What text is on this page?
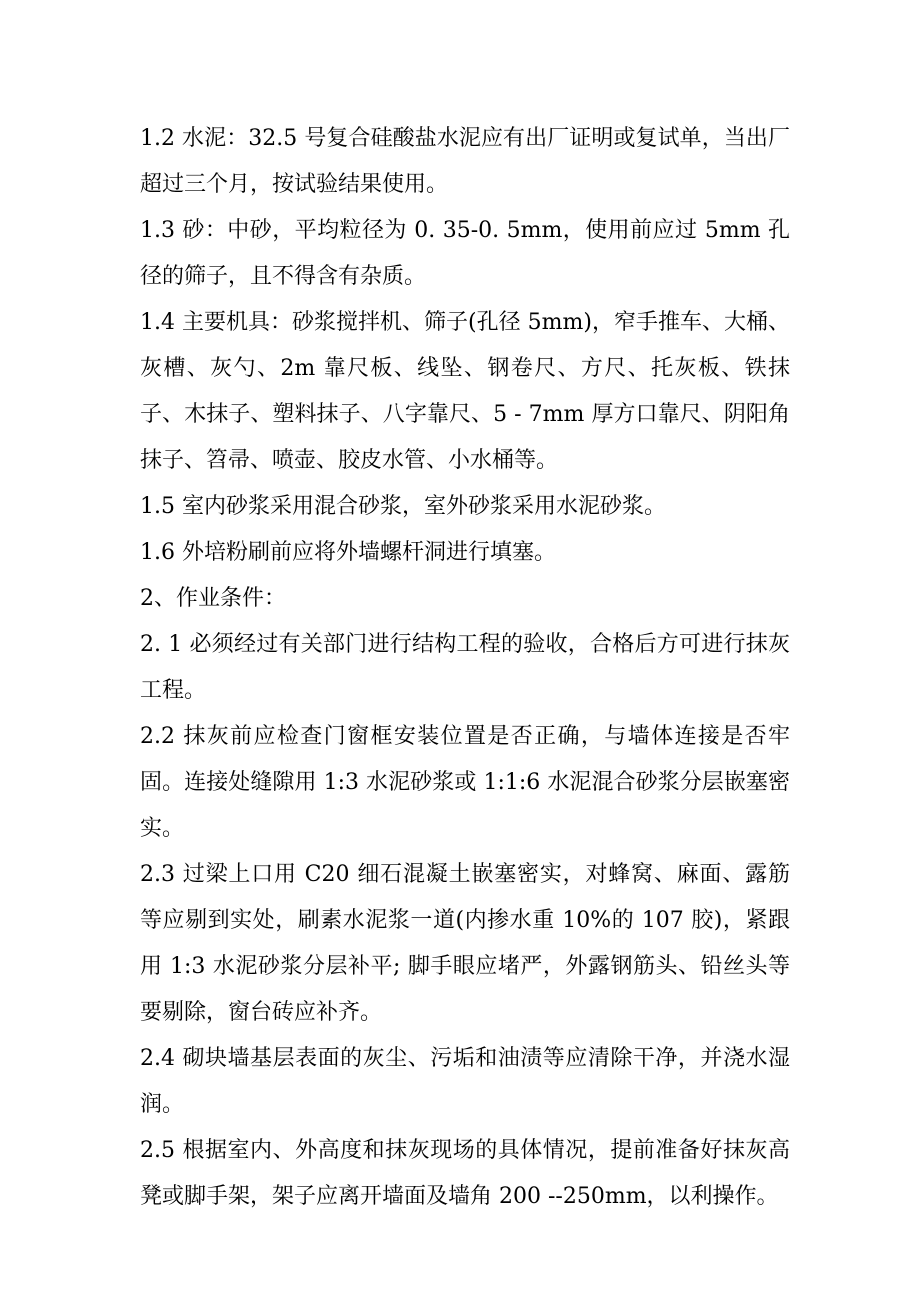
1.2 水泥：32.5 号复合硅酸盐水泥应有出厂证明或复试单，当出厂超过三个月，按试验结果使用。

1.3 砂：中砂，平均粒径为 0. 35-0. 5mm，使用前应过 5mm 孔径的筛子，且不得含有杂质。

1.4 主要机具：砂浆搅拌机、筛子(孔径 5mm)，窄手推车、大桶、灰槽、灰勺、2m 靠尺板、线坠、钢卷尺、方尺、托灰板、铁抹子、木抹子、塑料抹子、八字靠尺、5 - 7mm 厚方口靠尺、阴阳角抹子、笤帚、喷壶、胶皮水管、小水桶等。

1.5 室内砂浆采用混合砂浆，室外砂浆采用水泥砂浆。

1.6 外培粉刷前应将外墙螺杆洞进行填塞。

2、作业条件：

2. 1 必须经过有关部门进行结构工程的验收，合格后方可进行抹灰工程。

2.2 抹灰前应检查门窗框安装位置是否正确，与墙体连接是否牢固。连接处缝隙用 1:3 水泥砂浆或 1:1:6 水泥混合砂浆分层嵌塞密实。

2.3 过梁上口用 C20 细石混凝土嵌塞密实，对蜂窝、麻面、露筋等应剔到实处，刷素水泥浆一道(内掺水重 10%的 107 胶)，紧跟用 1:3 水泥砂浆分层补平; 脚手眼应堵严，外露钢筋头、铅丝头等要剔除，窗台砖应补齐。

2.4 砌块墙基层表面的灰尘、污垢和油渍等应清除干净，并浇水湿润。

2.5 根据室内、外高度和抹灰现场的具体情况，提前准备好抹灰高凳或脚手架，架子应离开墙面及墙角 200 --250mm，以利操作。
